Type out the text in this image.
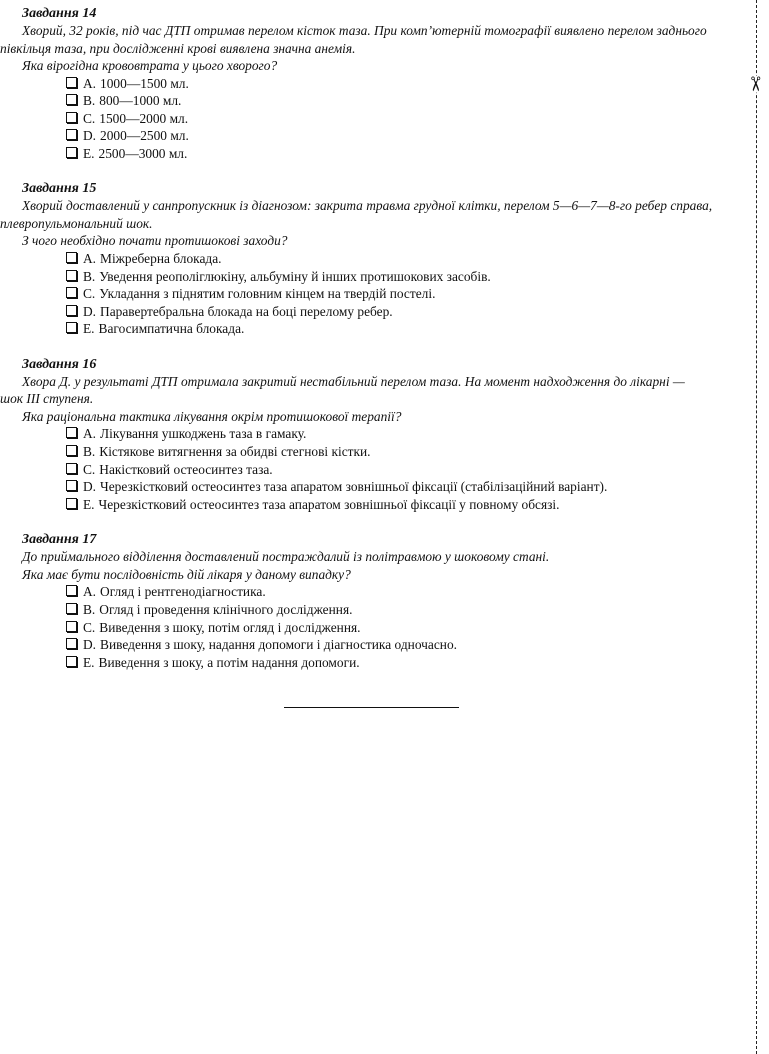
✂
Завдання 14
Хворий, 32 років, під час ДТП отримав перелом кісток таза. При комп’ютерній томографії виявлено перелом заднього
півкільця таза, при дослідженні крові виявлена значна анемія.
Яка вірогідна крововтрата у цього хворого?
A. 1000—1500 мл.
B. 800—1000 мл.
C. 1500—2000 мл.
D. 2000—2500 мл.
E. 2500—3000 мл.
Завдання 15
Хворий доставлений у санпропускник із діагнозом: закрита травма грудної клітки, перелом 5—6—7—8-го ребер справа,
плевропульмональний шок.
З чого необхідно почати протишокові заходи?
A. Міжреберна блокада.
B. Уведення реополіглюкіну, альбуміну й інших протишокових засобів.
C. Укладання з піднятим головним кінцем на твердій постелі.
D. Паравертебральна блокада на боці перелому ребер.
E. Вагосимпатична блокада.
Завдання 16
Хвора Д. у результаті ДТП отримала закритий нестабільний перелом таза. На момент надходження до лікарні —
шок III ступеня.
Яка раціональна тактика лікування окрім протишокової терапії?
A. Лікування ушкоджень таза в гамаку.
B. Кістякове витягнення за обидві стегнові кістки.
C. Накістковий остеосинтез таза.
D. Черезкістковий остеосинтез таза апаратом зовнішньої фіксації (стабілізаційний варіант).
E. Черезкістковий остеосинтез таза апаратом зовнішньої фіксації у повному обсязі.
Завдання 17
До приймального відділення доставлений постраждалий із політравмою у шоковому стані.
Яка має бути послідовність дій лікаря у даному випадку?
A. Огляд і рентгенодіагностика.
B. Огляд і проведення клінічного дослідження.
C. Виведення з шоку, потім огляд і дослідження.
D. Виведення з шоку, надання допомоги і діагностика одночасно.
E. Виведення з шоку, а потім надання допомоги.
